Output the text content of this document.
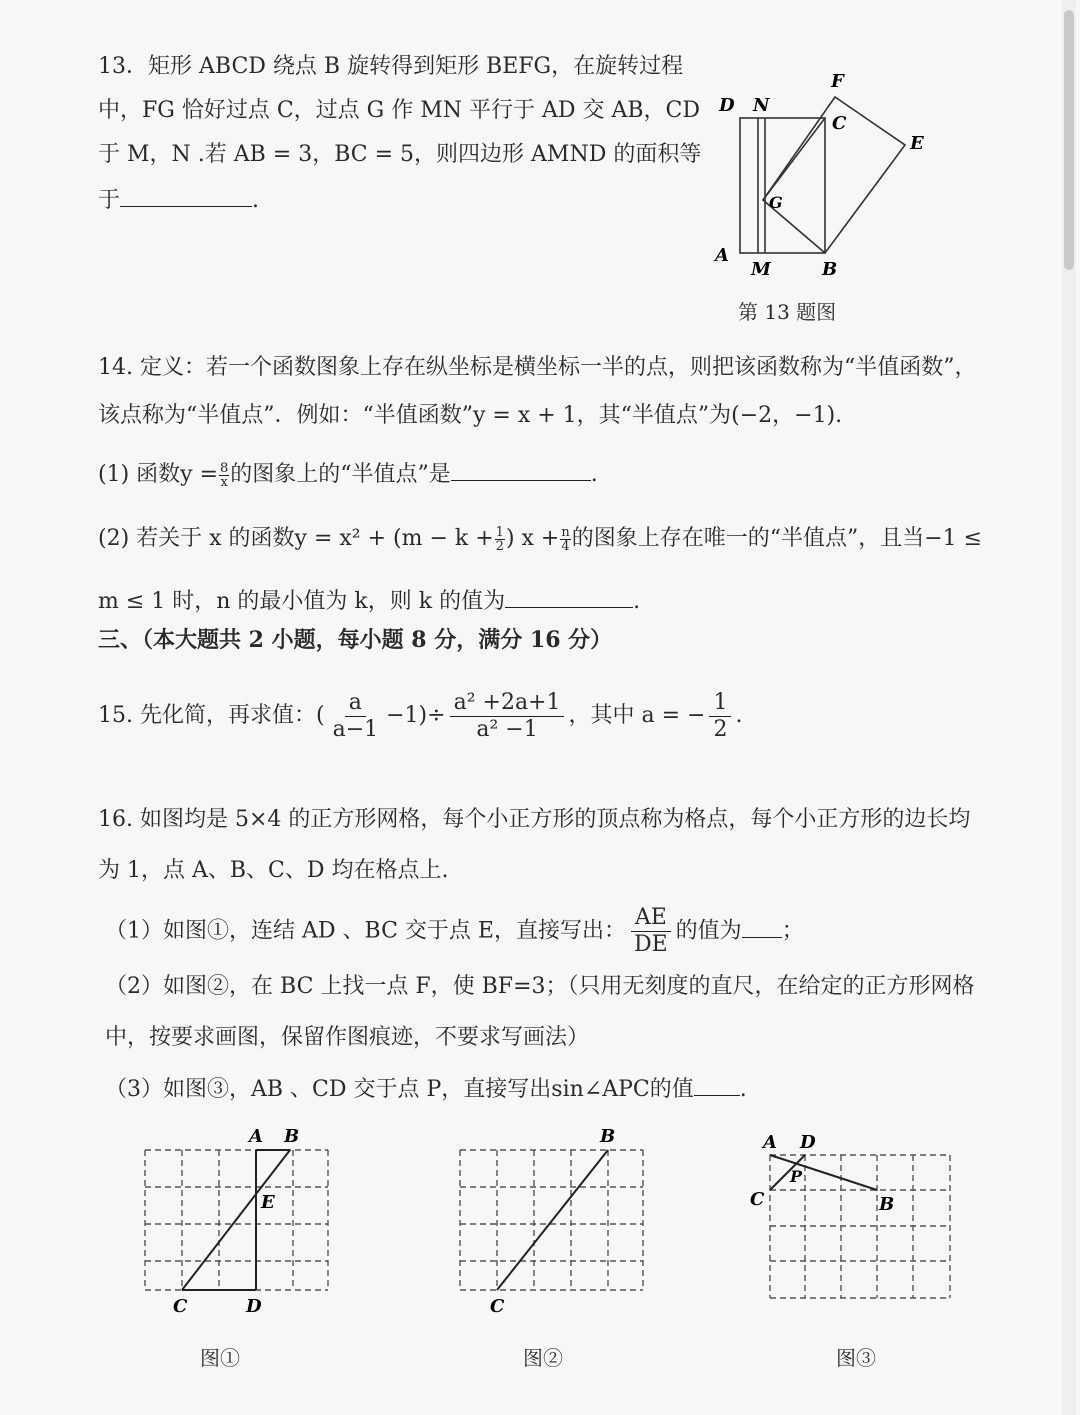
13．矩形 ABCD 绕点 B 旋转得到矩形 BEFG，在旋转过程
中，FG 恰好过点 C，过点 G 作 MN 平行于 AD 交 AB，CD
于 M，N .若 AB = 3，BC = 5，则四边形 AMND 的面积等
于	.
D N
C
F
E
G
A
M	B
第 13 题图
14. 定义：若一个函数图象上存在纵坐标是横坐标一半的点，则把该函数称为“半值函数”，
该点称为“半值点”．例如：“半值函数”y = x + 1，其“半值点”为(−2，−1).
(1) 函数$y = \frac{8}{x}$ 的图象上的“半值点”是	.
(2) 若关于 x 的函数$y = x^2 + (m - k + \frac{1}{2}$ ) $x + \frac{n}{4}$ 的图象上存在唯一的“半值点”，且当−1 ≤
m ≤ 1 时，n 的最小值为 k，则 k 的值为	.
三、（本大题共 2 小题，每小题 8 分，满分 16 分）
15. 先化简，再求值：( $\frac{a}{a-1} -1)\div \frac{\text{a² +2a+1}}{\text{a² −1}}$ ，其中 a = − $\frac{1}{2}$ .
16. 如图均是 5×4 的正方形网格，每个小正方形的顶点称为格点，每个小正方形的边长均
为 1，点 A、B、C、D 均在格点上.
（1）如图①，连结 AD 、BC 交于点 E，直接写出： $\frac{AE}{DE}$ 的值为 ；
（2）如图②，在 BC 上找一点 F，使 BF=3；（只用无刻度的直尺，在给定的正方形网格
中，按要求画图，保留作图痕迹，不要求写画法）
（3）如图③，AB 、CD 交于点 P，直接写出sin∠APC的值 .
A B
E
C	D
图①
B
C
图②
A D
P
C	B
图③
